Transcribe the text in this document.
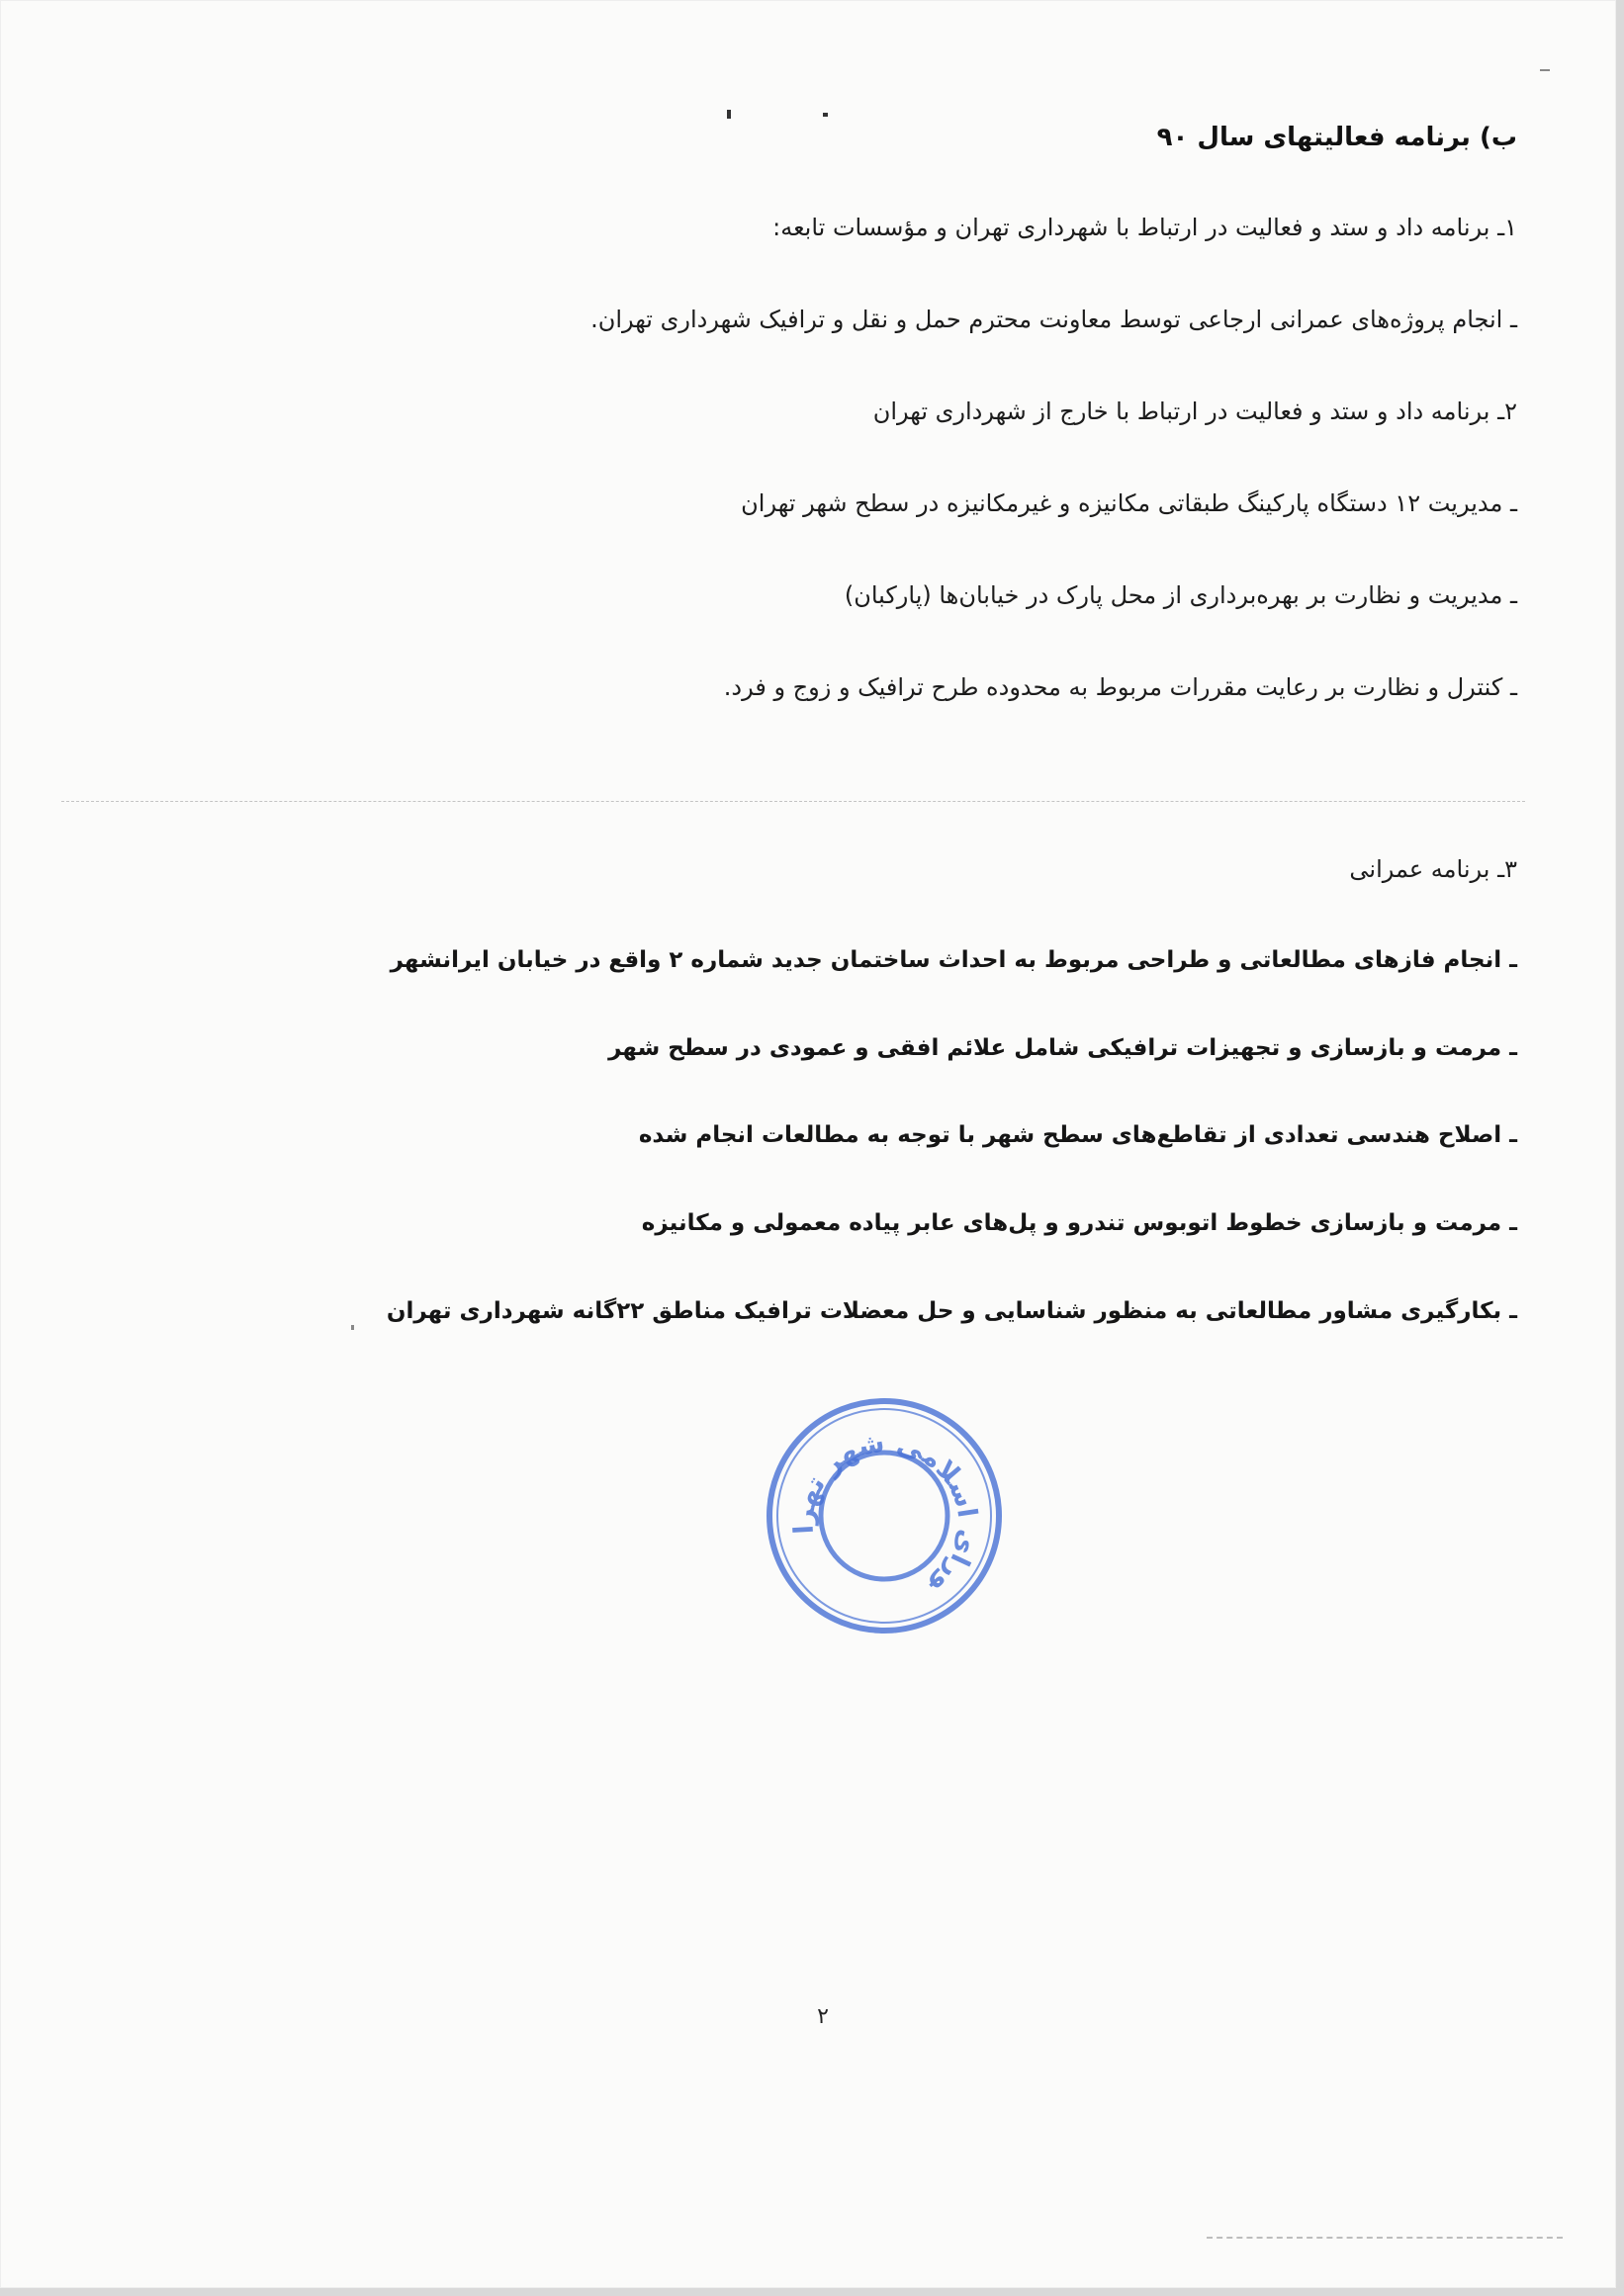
ب) برنامه فعالیتهای سال ۹۰
۱ـ برنامه داد و ستد و فعالیت در ارتباط با شهرداری تهران و مؤسسات تابعه:
ـ انجام پروژه‌های عمرانی ارجاعی توسط معاونت محترم حمل و نقل و ترافیک شهرداری تهران.
۲ـ برنامه داد و ستد و فعالیت در ارتباط با خارج از شهرداری تهران
ـ مدیریت ۱۲ دستگاه پارکینگ طبقاتی مکانیزه و غیرمکانیزه در سطح شهر تهران
ـ مدیریت و نظارت بر بهره‌برداری از محل پارک در خیابان‌ها (پارکبان)
ـ کنترل و نظارت بر رعایت مقررات مربوط به محدوده طرح ترافیک و زوج و فرد.
۳ـ برنامه عمرانی
ـ انجام فازهای مطالعاتی و طراحی مربوط به احداث ساختمان جدید شماره ۲ واقع در خیابان ایرانشهر
ـ مرمت و بازسازی و تجهیزات ترافیکی شامل علائم افقی و عمودی در سطح شهر
ـ اصلاح هندسی تعدادی از تقاطع‌های سطح شهر با توجه به مطالعات انجام شده
ـ مرمت و بازسازی خطوط اتوبوس تندرو و پل‌های عابر پیاده معمولی و مکانیزه
ـ بکارگیری مشاور مطالعاتی به منظور شناسایی و حل معضلات ترافیک مناطق ۲۲گانه شهرداری تهران
ورای اسلامی شهر تهرا
۲
